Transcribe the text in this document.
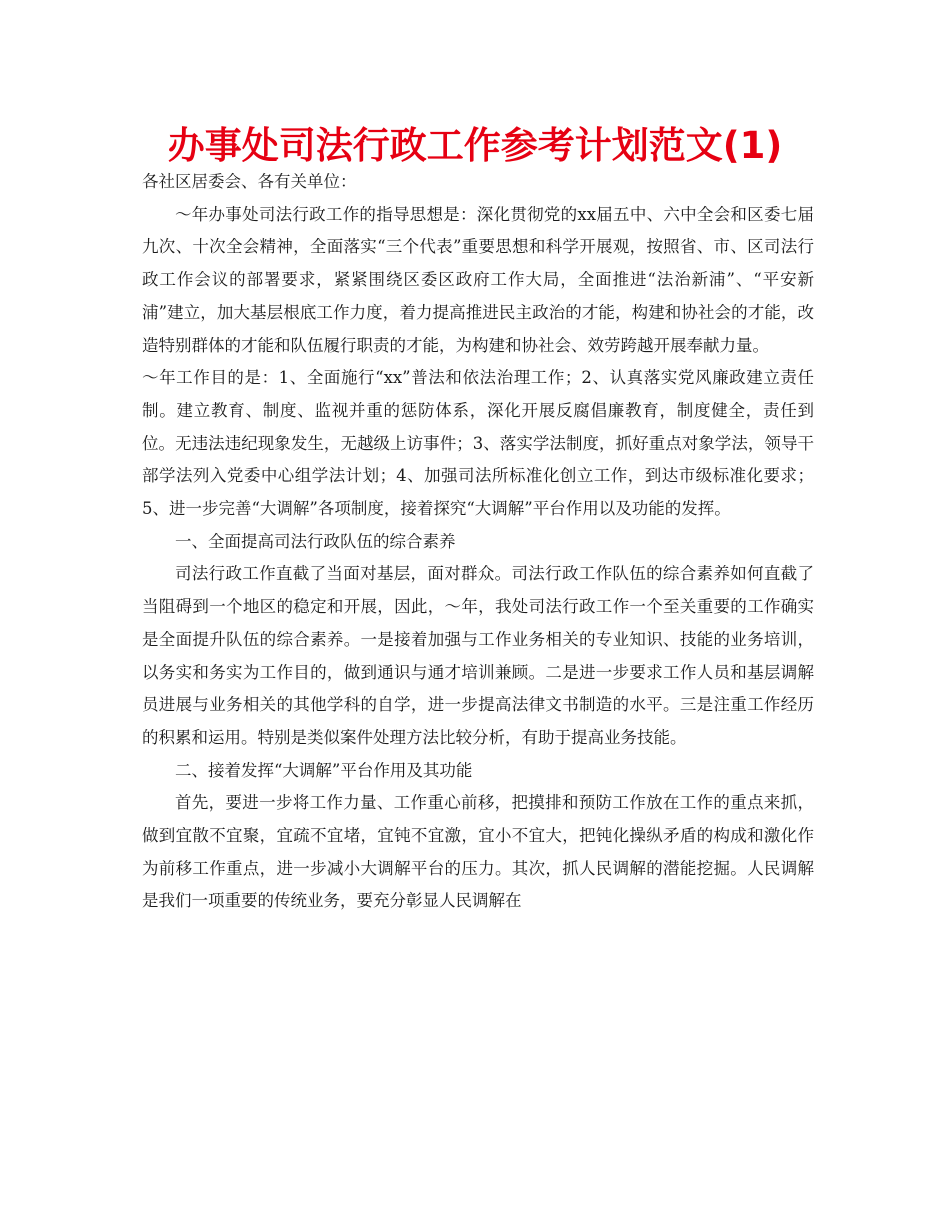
办事处司法行政工作参考计划范文(1)

各社区居委会、各有关单位：

～年办事处司法行政工作的指导思想是：深化贯彻党的xx届五中、六中全会和区委七届九次、十次全会精神，全面落实“三个代表”重要思想和科学开展观，按照省、市、区司法行政工作会议的部署要求，紧紧围绕区委区政府工作大局，全面推进“法治新浦”、“平安新浦”建立，加大基层根底工作力度，着力提高推进民主政治的才能，构建和协社会的才能，改造特别群体的才能和队伍履行职责的才能，为构建和协社会、效劳跨越开展奉献力量。

～年工作目的是：1、全面施行“xx”普法和依法治理工作；2、认真落实党风廉政建立责任制。建立教育、制度、监视并重的惩防体系，深化开展反腐倡廉教育，制度健全，责任到位。无违法违纪现象发生，无越级上访事件；3、落实学法制度，抓好重点对象学法，领导干部学法列入党委中心组学法计划；4、加强司法所标准化创立工作，到达市级标准化要求；5、进一步完善“大调解”各项制度，接着探究“大调解”平台作用以及功能的发挥。

一、全面提高司法行政队伍的综合素养

司法行政工作直截了当面对基层，面对群众。司法行政工作队伍的综合素养如何直截了当阻碍到一个地区的稳定和开展，因此，～年，我处司法行政工作一个至关重要的工作确实是全面提升队伍的综合素养。一是接着加强与工作业务相关的专业知识、技能的业务培训，以务实和务实为工作目的，做到通识与通才培训兼顾。二是进一步要求工作人员和基层调解员进展与业务相关的其他学科的自学，进一步提高法律文书制造的水平。三是注重工作经历的积累和运用。特别是类似案件处理方法比较分析，有助于提高业务技能。

二、接着发挥“大调解”平台作用及其功能

首先，要进一步将工作力量、工作重心前移，把摸排和预防工作放在工作的重点来抓，做到宜散不宜聚，宜疏不宜堵，宜钝不宜激，宜小不宜大，把钝化操纵矛盾的构成和激化作为前移工作重点，进一步减小大调解平台的压力。其次，抓人民调解的潜能挖掘。人民调解是我们一项重要的传统业务，要充分彰显人民调解在
